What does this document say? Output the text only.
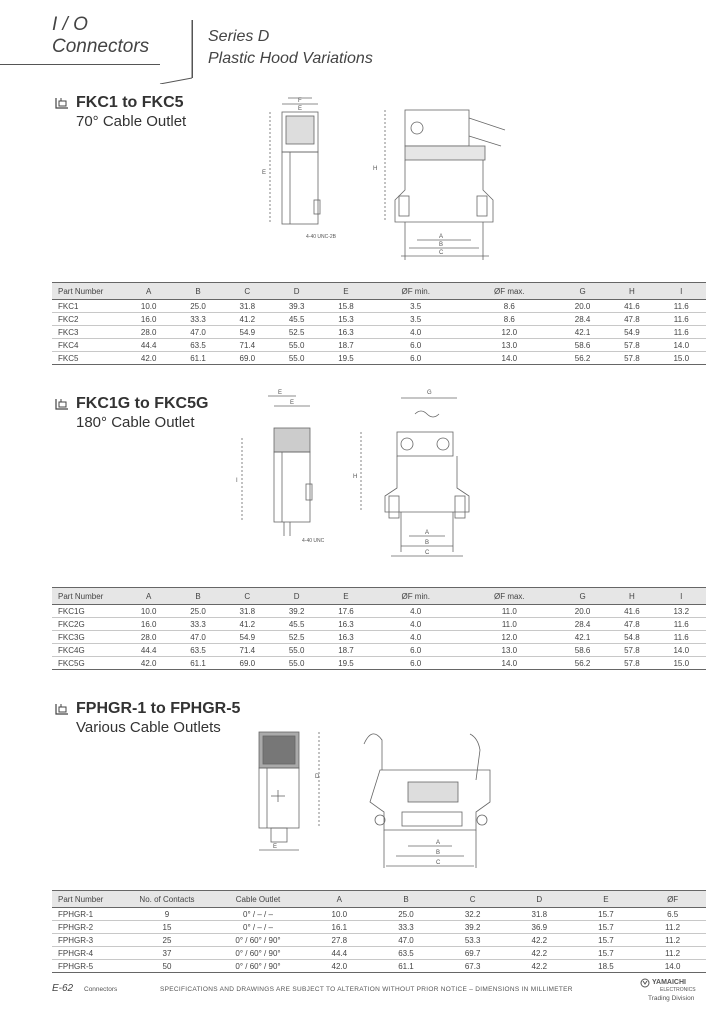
I / O
Connectors	Series D
Plastic Hood Variations
FKC1 to FKC5
70° Cable Outlet
F
E
E
4-40 UNC-2B
H
A
B
C
Part Number	A	B	C	D	E	ØF min.	ØF max.	G	H	I
FKC1	10.0	25.0	31.8	39.3	15.8	3.5	8.6	20.0	41.6	11.6
FKC2	16.0	33.3	41.2	45.5	15.3	3.5	8.6	28.4	47.8	11.6
FKC3	28.0	47.0	54.9	52.5	16.3	4.0	12.0	42.1	54.9	11.6
FKC4	44.4	63.5	71.4	55.0	18.7	6.0	13.0	58.6	57.8	14.0
FKC5	42.0	61.1	69.0	55.0	19.5	6.0	14.0	56.2	57.8	15.0
FKC1G to FKC5G
180° Cable Outlet
E
E
I
4-40 UNC
G
H
A
B
C
Part Number	A	B	C	D	E	ØF min.	ØF max.	G	H	I
FKC1G	10.0	25.0	31.8	39.2	17.6	4.0	11.0	20.0	41.6	13.2
FKC2G	16.0	33.3	41.2	45.5	16.3	4.0	11.0	28.4	47.8	11.6
FKC3G	28.0	47.0	54.9	52.5	16.3	4.0	12.0	42.1	54.8	11.6
FKC4G	44.4	63.5	71.4	55.0	18.7	6.0	13.0	58.6	57.8	14.0
FKC5G	42.0	61.1	69.0	55.0	19.5	6.0	14.0	56.2	57.8	15.0
FPHGR-1 to FPHGR-5
Various Cable Outlets
D
E
A
B
C
Part Number	No. of Contacts	Cable Outlet	A	B	C	D	E	ØF
FPHGR-1	9	0° / – / –	10.0	25.0	32.2	31.8	15.7	6.5
FPHGR-2	15	0° / – / –	16.1	33.3	39.2	36.9	15.7	11.2
FPHGR-3	25	0° / 60° / 90°	27.8	47.0	53.3	42.2	15.7	11.2
FPHGR-4	37	0° / 60° / 90°	44.4	63.5	69.7	42.2	15.7	11.2
FPHGR-5	50	0° / 60° / 90°	42.0	61.1	67.3	42.2	18.5	14.0
E-62 Connectors	SPECIFICATIONS AND DRAWINGS ARE SUBJECT TO ALTERATION WITHOUT PRIOR NOTICE – DIMENSIONS IN MILLIMETER
YAMAICHI
ELECTRONICS
Trading Division
